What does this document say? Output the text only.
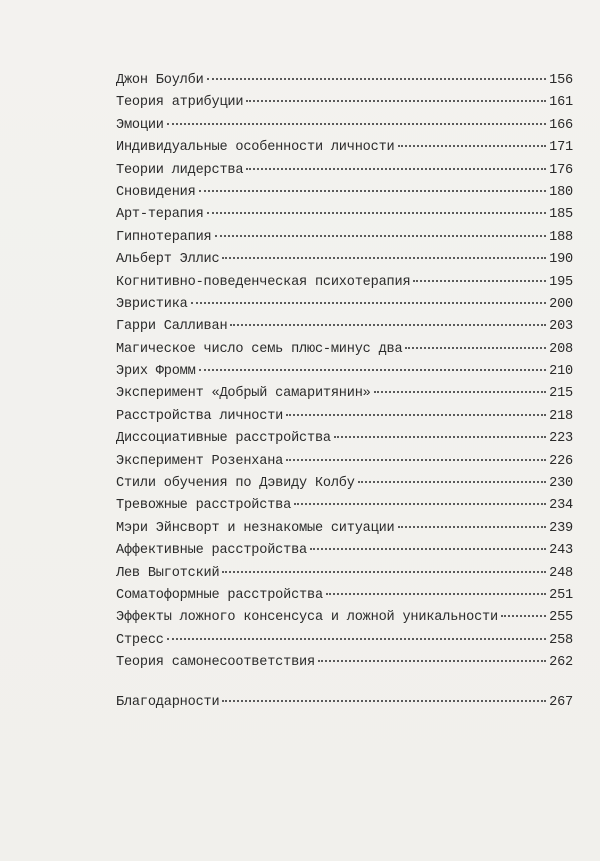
Джон Боулби	156
Теория атрибуции	161
Эмоции	166
Индивидуальные особенности личности	171
Теории лидерства	176
Сновидения	180
Арт-терапия	185
Гипнотерапия	188
Альберт Эллис	190
Когнитивно-поведенческая психотерапия	195
Эвристика	200
Гарри Салливан	203
Магическое число семь плюс-минус два	208
Эрих Фромм	210
Эксперимент «Добрый самаритянин»	215
Расстройства личности	218
Диссоциативные расстройства	223
Эксперимент Розенхана	226
Стили обучения по Дэвиду Колбу	230
Тревожные расстройства	234
Мэри Эйнсворт и незнакомые ситуации	239
Аффективные расстройства	243
Лев Выготский	248
Соматоформные расстройства	251
Эффекты ложного консенсуса и ложной уникальности	255
Стресс	258
Теория самонесоответствия	262
Благодарности	267
